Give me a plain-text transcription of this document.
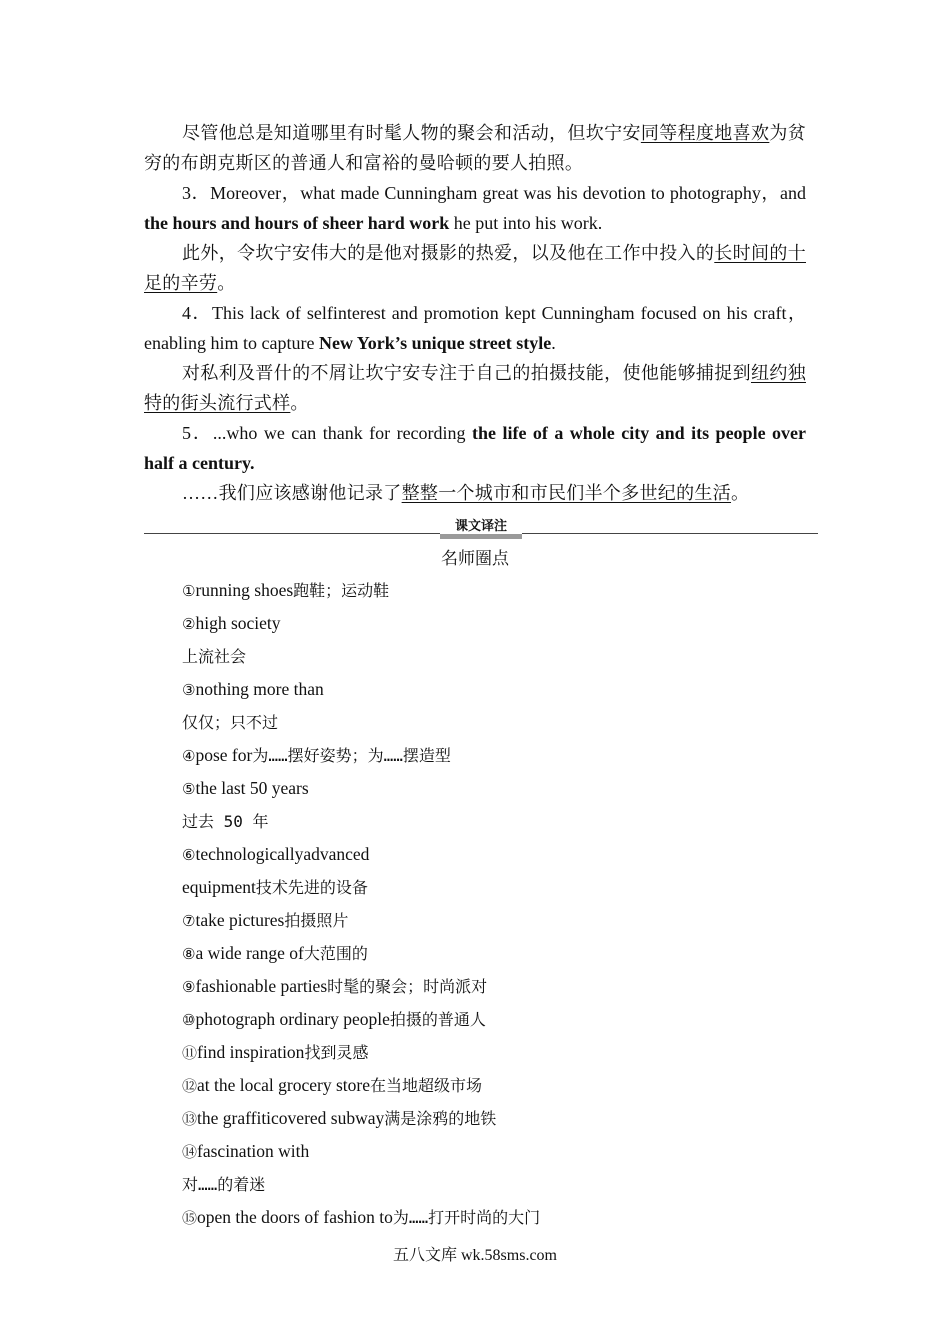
尽管他总是知道哪里有时髦人物的聚会和活动，但坎宁安同等程度地喜欢为贫穷的布朗克斯区的普通人和富裕的曼哈顿的要人拍照。

3．Moreover，what made Cunningham great was his devotion to photography，and the hours and hours of sheer hard work he put into his work.

此外，令坎宁安伟大的是他对摄影的热爱，以及他在工作中投入的长时间的十足的辛劳。

4．This lack of selfinterest and promotion kept Cunningham focused on his craft，enabling him to capture New York’s unique street style.

对私利及晋什的不屑让坎宁安专注于自己的拍摄技能，使他能够捕捉到纽约独特的街头流行式样。

5．...who we can thank for recording the life of a whole city and its people over half a century.

……我们应该感谢他记录了整整一个城市和市民们半个多世纪的生活。

课文译注
名师圈点

①running shoes跑鞋；运动鞋

②high society

上流社会

③nothing more than

仅仅；只不过

④pose for为……摆好姿势；为……摆造型

⑤the last 50 years

过去 50 年

⑥technologicallyadvanced

equipment技术先进的设备

⑦take pictures拍摄照片

⑧a wide range of大范围的

⑨fashionable parties时髦的聚会；时尚派对

⑩photograph ordinary people拍摄的普通人

⑪find inspiration找到灵感

⑫at the local grocery store在当地超级市场

⑬the graffiticovered subway满是涂鸦的地铁

⑭fascination with

对……的着迷

⑮open the doors of fashion to为……打开时尚的大门

五八文库 wk.58sms.com
